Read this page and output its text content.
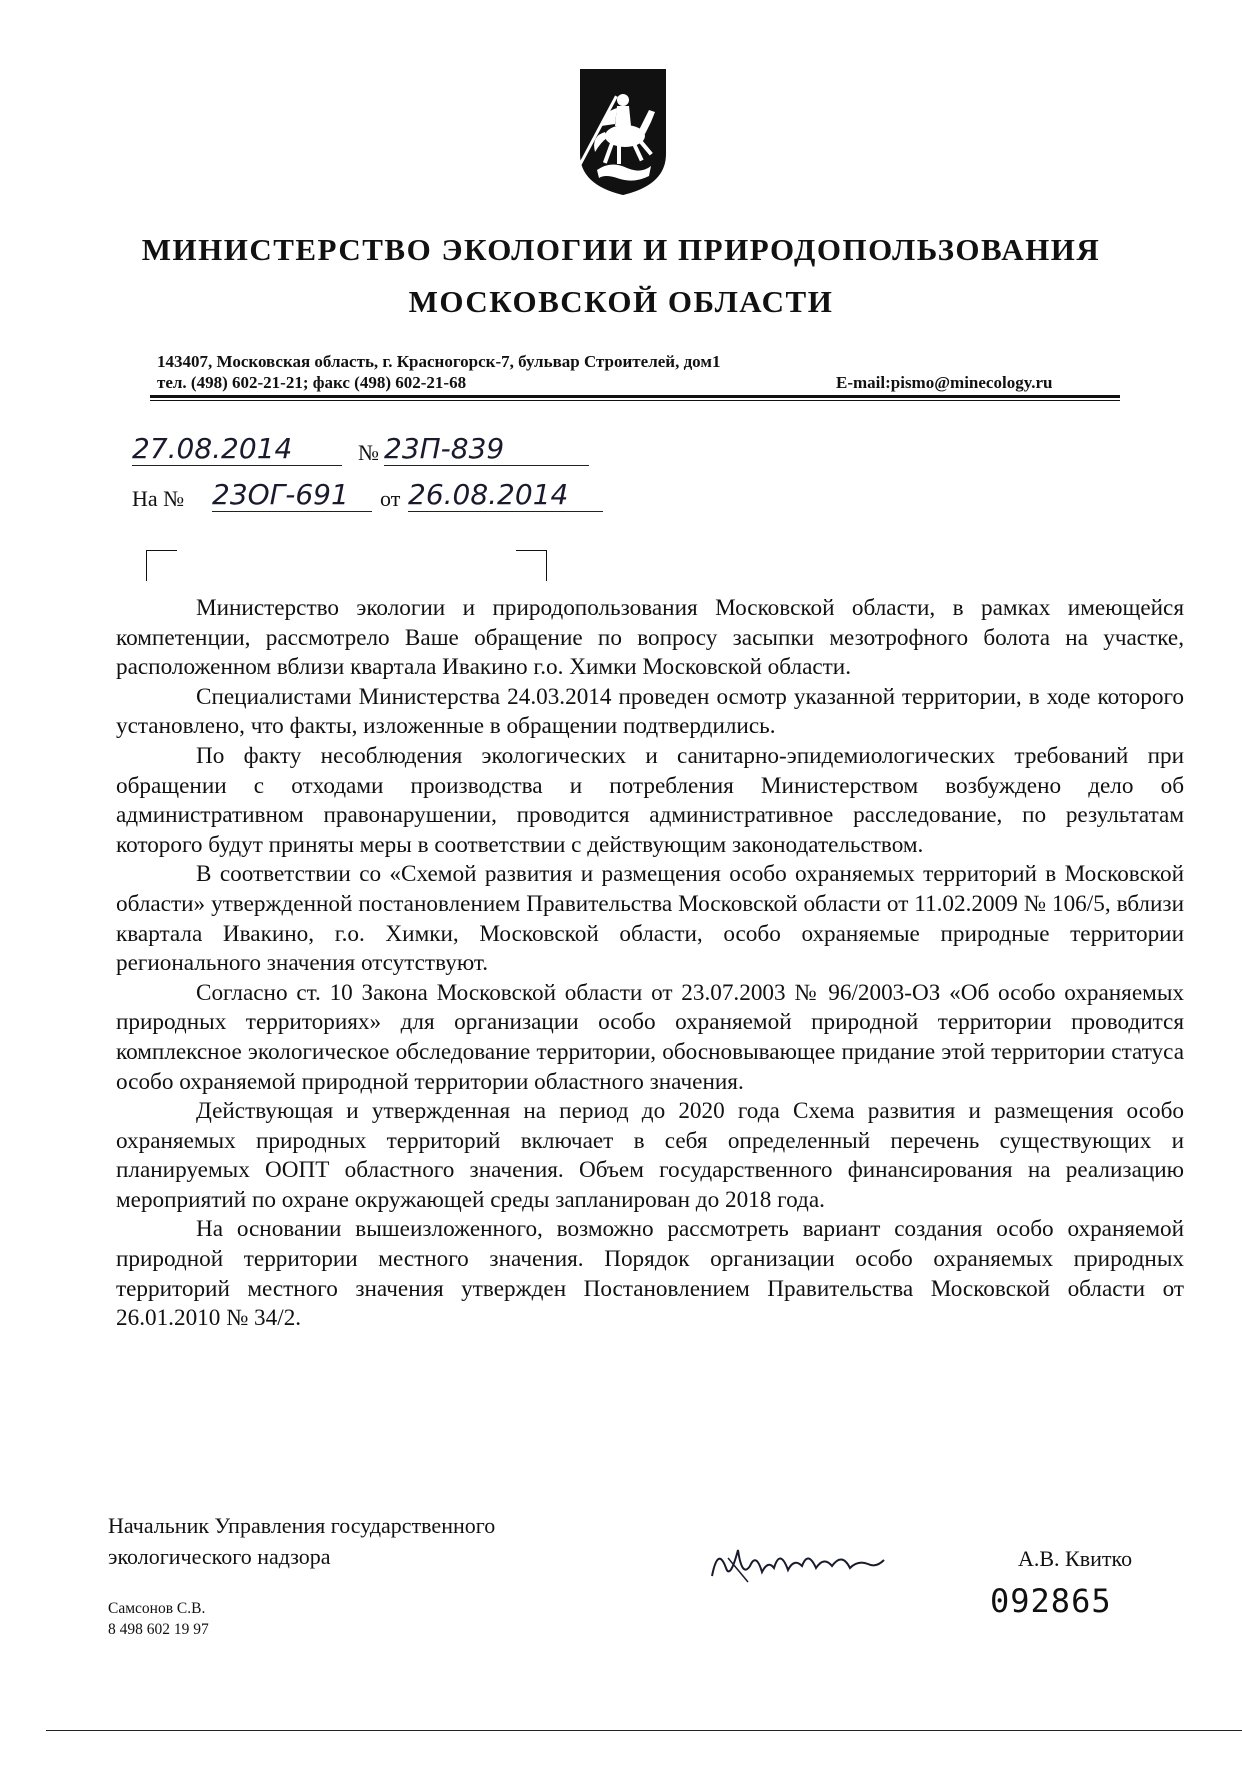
МИНИСТЕРСТВО ЭКОЛОГИИ И ПРИРОДОПОЛЬЗОВАНИЯ
МОСКОВСКОЙ ОБЛАСТИ
143407, Московская область, г. Красногорск-7, бульвар Строителей, дом1
тел. (498) 602-21-21; факс (498) 602-21-68	E-mail:pismo@minecology.ru
27.08.2014	№ 23П-839
На № 23ОГ-691	от 26.08.2014

Министерство экологии и природопользования Московской области, в рамках имеющейся компетенции, рассмотрело Ваше обращение по вопросу засыпки мезотрофного болота на участке, расположенном вблизи квартала Ивакино г.о. Химки Московской области.

Специалистами Министерства 24.03.2014 проведен осмотр указанной территории, в ходе которого установлено, что факты, изложенные в обращении подтвердились.

По факту несоблюдения экологических и санитарно-эпидемиологических требований при обращении с отходами производства и потребления Министерством возбуждено дело об административном правонарушении, проводится административное расследование, по результатам которого будут приняты меры в соответствии с действующим законодательством.

В соответствии со «Схемой развития и размещения особо охраняемых территорий в Московской области» утвержденной постановлением Правительства Московской области от 11.02.2009 № 106/5, вблизи квартала Ивакино, г.о. Химки, Московской области, особо охраняемые природные территории регионального значения отсутствуют.

Согласно ст. 10 Закона Московской области от 23.07.2003 № 96/2003-ОЗ «Об особо охраняемых природных территориях» для организации особо охраняемой природной территории проводится комплексное экологическое обследование территории, обосновывающее придание этой территории статуса особо охраняемой природной территории областного значения.

Действующая и утвержденная на период до 2020 года Схема развития и размещения особо охраняемых природных территорий включает в себя определенный перечень существующих и планируемых ООПТ областного значения. Объем государственного финансирования на реализацию мероприятий по охране окружающей среды запланирован до 2018 года.

На основании вышеизложенного, возможно рассмотреть вариант создания особо охраняемой природной территории местного значения. Порядок организации особо охраняемых природных территорий местного значения утвержден Постановлением Правительства Московской области от 26.01.2010 № 34/2.

Начальник Управления государственного
экологического надзора	А.В. Квитко
092865
Самсонов С.В.
8 498 602 19 97
